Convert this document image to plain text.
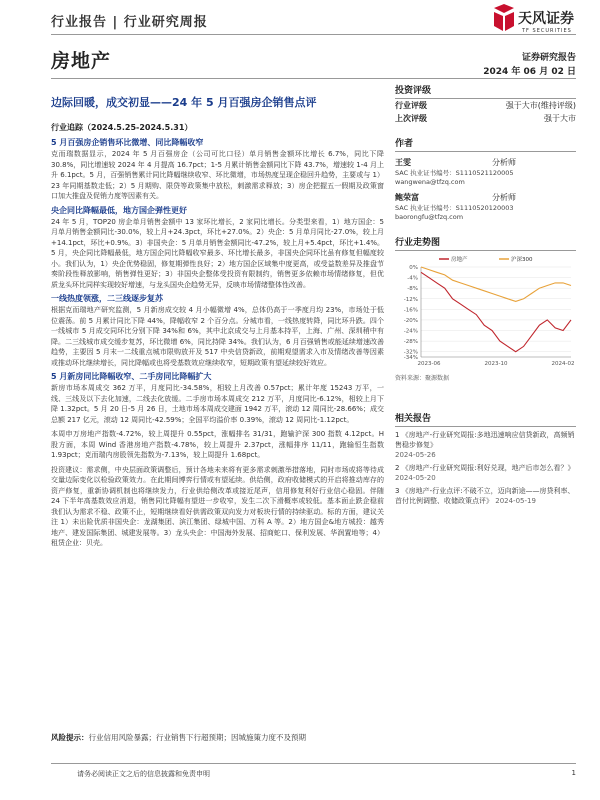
行业报告 | 行业研究周报	天风证券
TF SECURITIES
房地产	证券研究报告
2024 年 06 月 02 日
边际回暖，成交初显——24 年 5 月百强房企销售点评
行业追踪（2024.5.25-2024.5.31）
5 月百强房企销售环比微增、同比降幅收窄
克而瑞数据显示，2024 年 5 月百强房企（公司可比口径）单月销售金额环比增长 6.7%，同比下降 30.8%，同比增速较 2024 年 4 月提高 16.7pct；1-5 月累计销售金额同比下降 43.7%，增速较 1-4 月上升 6.1pct。5 月，百强销售累计同比降幅继续收窄、环比微增，市场热度呈现企稳回升趋势，主要或与 1）23 年同期基数走低；2）5 月期购、限贷等政策集中放松，刺激需求释放；3）房企把握五一假期及政策窗口加大推盘及促销力度等因素有关。
央企同比降幅最低，地方国企弹性更好
24 年 5 月，TOP20 房企单月销售金额中 13 家环比增长，2 家同比增长。分类型来看，1）地方国企：5 月单月销售金额同比-30.0%，较上月+24.3pct，环比+27.0%。2）央企：5 月单月同比-27.0%，较上月+14.1pct，环比+0.9%。3）非国央企：5 月单月销售金额同比-47.2%，较上月+5.4pct，环比+1.4%。5 月，央企同比降幅最低，地方国企同比降幅收窄最多、环比增长最多，非国央企同环比虽有修复但幅度较小。我们认为，1）央企优势稳固，修复期弹性良好；2）地方国企区域集中度更高，或受益数差异及推盘节奏阶段性释放影响，销售弹性更好；3）非国央企整体受投资有限制约，销售更多依赖市场情绪修复，但优质龙头环比同样实现较好增速，与龙头国央企趋势无异，反映市场情绪整体性改善。
一线热度领涨，二三线逐步复苏
根据克而瑞地产研究监测，5 月新房成交较 4 月小幅微增 4%，总体仍高于一季度月均 23%，市场处于低位震荡。前 5 月累计同比下降 44%，降幅收窄 2 个百分点。分城市看，一线热度转降，同比环升跌。四个一线城市 5 月成交同环比分别下降 34%和 6%，其中北京成交与上月基本持平，上海、广州、深圳稍中有降。二三线城市成交缓步复苏，环比微增 6%，同比持降 34%。我们认为，6 月百强销售或能延续增速改善趋势，主要因 5 月末一二线重点城市限购放开及 517 中央信贷新政，前期观望需求入市及情绪改善等因素或推动环比继续增长，同比降幅或也将受基数效应继续收窄，短期政策有望延续较好效应。
5 月新房同比降幅收窄、二手房同比降幅扩大
新房市场本周成交 362 万平，月度同比-34.58%，相较上月改善 0.57pct；累计年度 15243 万平，一线、三线及以下去化加速，二线去化放缓。二手房市场本周成交 212 万平，月度同比-6.12%，相较上月下降 1.32pct。5 月 20 日-5 月 26 日，土地市场本周成交建面 1942 万平，滚动 12 周同比-28.66%；成交总额 217 亿元，滚动 12 周同比-42.59%；全国平均溢价率 0.39%，滚动 12 周同比-1.12pct。
本周申万房地产指数-4.72%，较上周提升 0.55pct，涨幅排名 31/31，跑输沪深 300 指数 4.12pct。H 股方面，本周 Wind 香港房地产指数-4.78%，较上周提升 2.37pct，涨幅排序 11/11，跑输恒生指数 1.93pct；克而瑞内房股领先指数为-7.13%，较上周提升 1.68pct。
投资建议：需求侧，中央层面政策调整后，预计各地未来将有更多需求刺激举措落地，同时市场或将等待成交量边际变化以检验政策效力。在此期间博弈行情或有望延续。供给侧，政府收储模式的开启将推动库存的资产修复，重新协调机制也将继续发力，行业供给侧改革或接近尾声，信用修复利好行业信心稳固。伴随 24 下半年高基数效应消退，销售同比降幅有望进一步收窄，发生二次下滑概率或较低。基本面止跌企稳前我们认为需求不稳、政策不止，短期继续看好供需政策双向发力对板块行情的持续驱动。标的方面，建议关注 1）未出险优质非国央企：龙湖集团、滨江集团、绿城中国、万科 A 等。2）地方国企&地方城投：越秀地产、建发国际集团、城建发展等。3）龙头央企：中国海外发展、招商蛇口、保利发展、华润置地等；4）租赁企业：贝壳。
投资评级
行业评级	强于大市(维持评级)
上次评级	强于大市
作者
王雯	分析师
SAC 执业证书编号：S1110521120005
wangwena@tfzq.com
鲍荣富	分析师
SAC 执业证书编号：S1110520120003
baorongfu@tfzq.com
行业走势图
0%
-4%
-8%
-12%
-16%
-20%
-24%
-28%
-32%
-34%
2023-06	2023-10	2024-02
房地产	沪深300
资料来源：聚源数据
相关报告
1 《房地产-行业研究周报:多地迅速响应信贷新政，高频销售稳步修复》
2024-05-26
2 《房地产-行业研究周报:利好兑现，地产后市怎么看？》 2024-05-20
3 《房地产-行业点评:不破不立，迈向新途——房贷利率、首付比例调整、收储政策点评》 2024-05-19
风险提示：行业信用风险暴露；行业销售下行超预期；因城施策力度不及预期
请务必阅读正文之后的信息披露和免责申明	1
